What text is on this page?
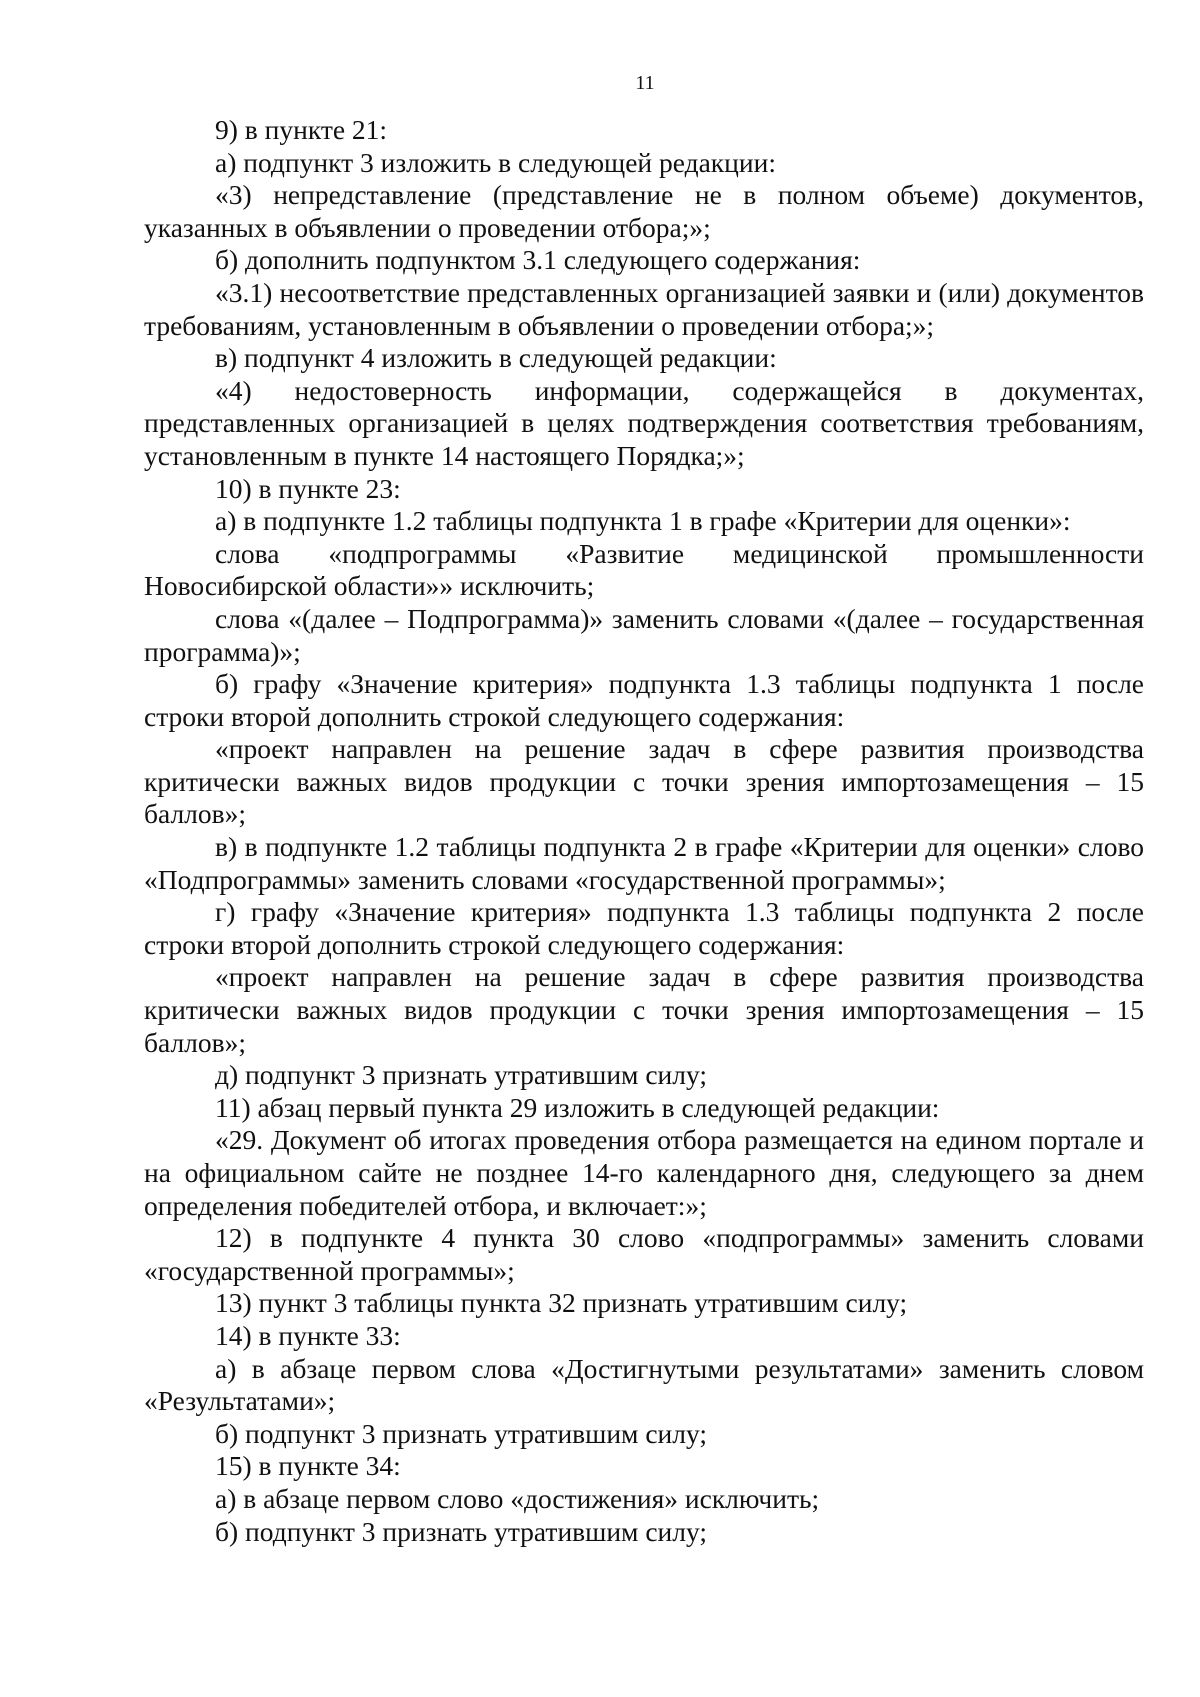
11

9) в пункте 21:

а) подпункт 3 изложить в следующей редакции:

«3) непредставление (представление не в полном объеме) документов, указанных в объявлении о проведении отбора;»;

б) дополнить подпунктом 3.1 следующего содержания:

«3.1) несоответствие представленных организацией заявки и (или) документов требованиям, установленным в объявлении о проведении отбора;»;

в) подпункт 4 изложить в следующей редакции:

«4) недостоверность информации, содержащейся в документах, представленных организацией в целях подтверждения соответствия требованиям, установленным в пункте 14 настоящего Порядка;»;

10) в пункте 23:

а) в подпункте 1.2 таблицы подпункта 1 в графе «Критерии для оценки»:

слова «подпрограммы «Развитие медицинской промышленности Новосибирской области»» исключить;

слова «(далее – Подпрограмма)» заменить словами «(далее – государственная программа)»;

б) графу «Значение критерия» подпункта 1.3 таблицы подпункта 1 после строки второй дополнить строкой следующего содержания:

«проект направлен на решение задач в сфере развития производства критически важных видов продукции с точки зрения импортозамещения – 15 баллов»;

в) в подпункте 1.2 таблицы подпункта 2 в графе «Критерии для оценки» слово «Подпрограммы» заменить словами «государственной программы»;

г) графу «Значение критерия» подпункта 1.3 таблицы подпункта 2 после строки второй дополнить строкой следующего содержания:

«проект направлен на решение задач в сфере развития производства критически важных видов продукции с точки зрения импортозамещения – 15 баллов»;

д) подпункт 3 признать утратившим силу;

11) абзац первый пункта 29 изложить в следующей редакции:

«29. Документ об итогах проведения отбора размещается на едином портале и на официальном сайте не позднее 14-го календарного дня, следующего за днем определения победителей отбора, и включает:»;

12) в подпункте 4 пункта 30 слово «подпрограммы» заменить словами «государственной программы»;

13) пункт 3 таблицы пункта 32 признать утратившим силу;

14) в пункте 33:

а) в абзаце первом слова «Достигнутыми результатами» заменить словом «Результатами»;

б) подпункт 3 признать утратившим силу;

15) в пункте 34:

а) в абзаце первом слово «достижения» исключить;

б) подпункт 3 признать утратившим силу;
